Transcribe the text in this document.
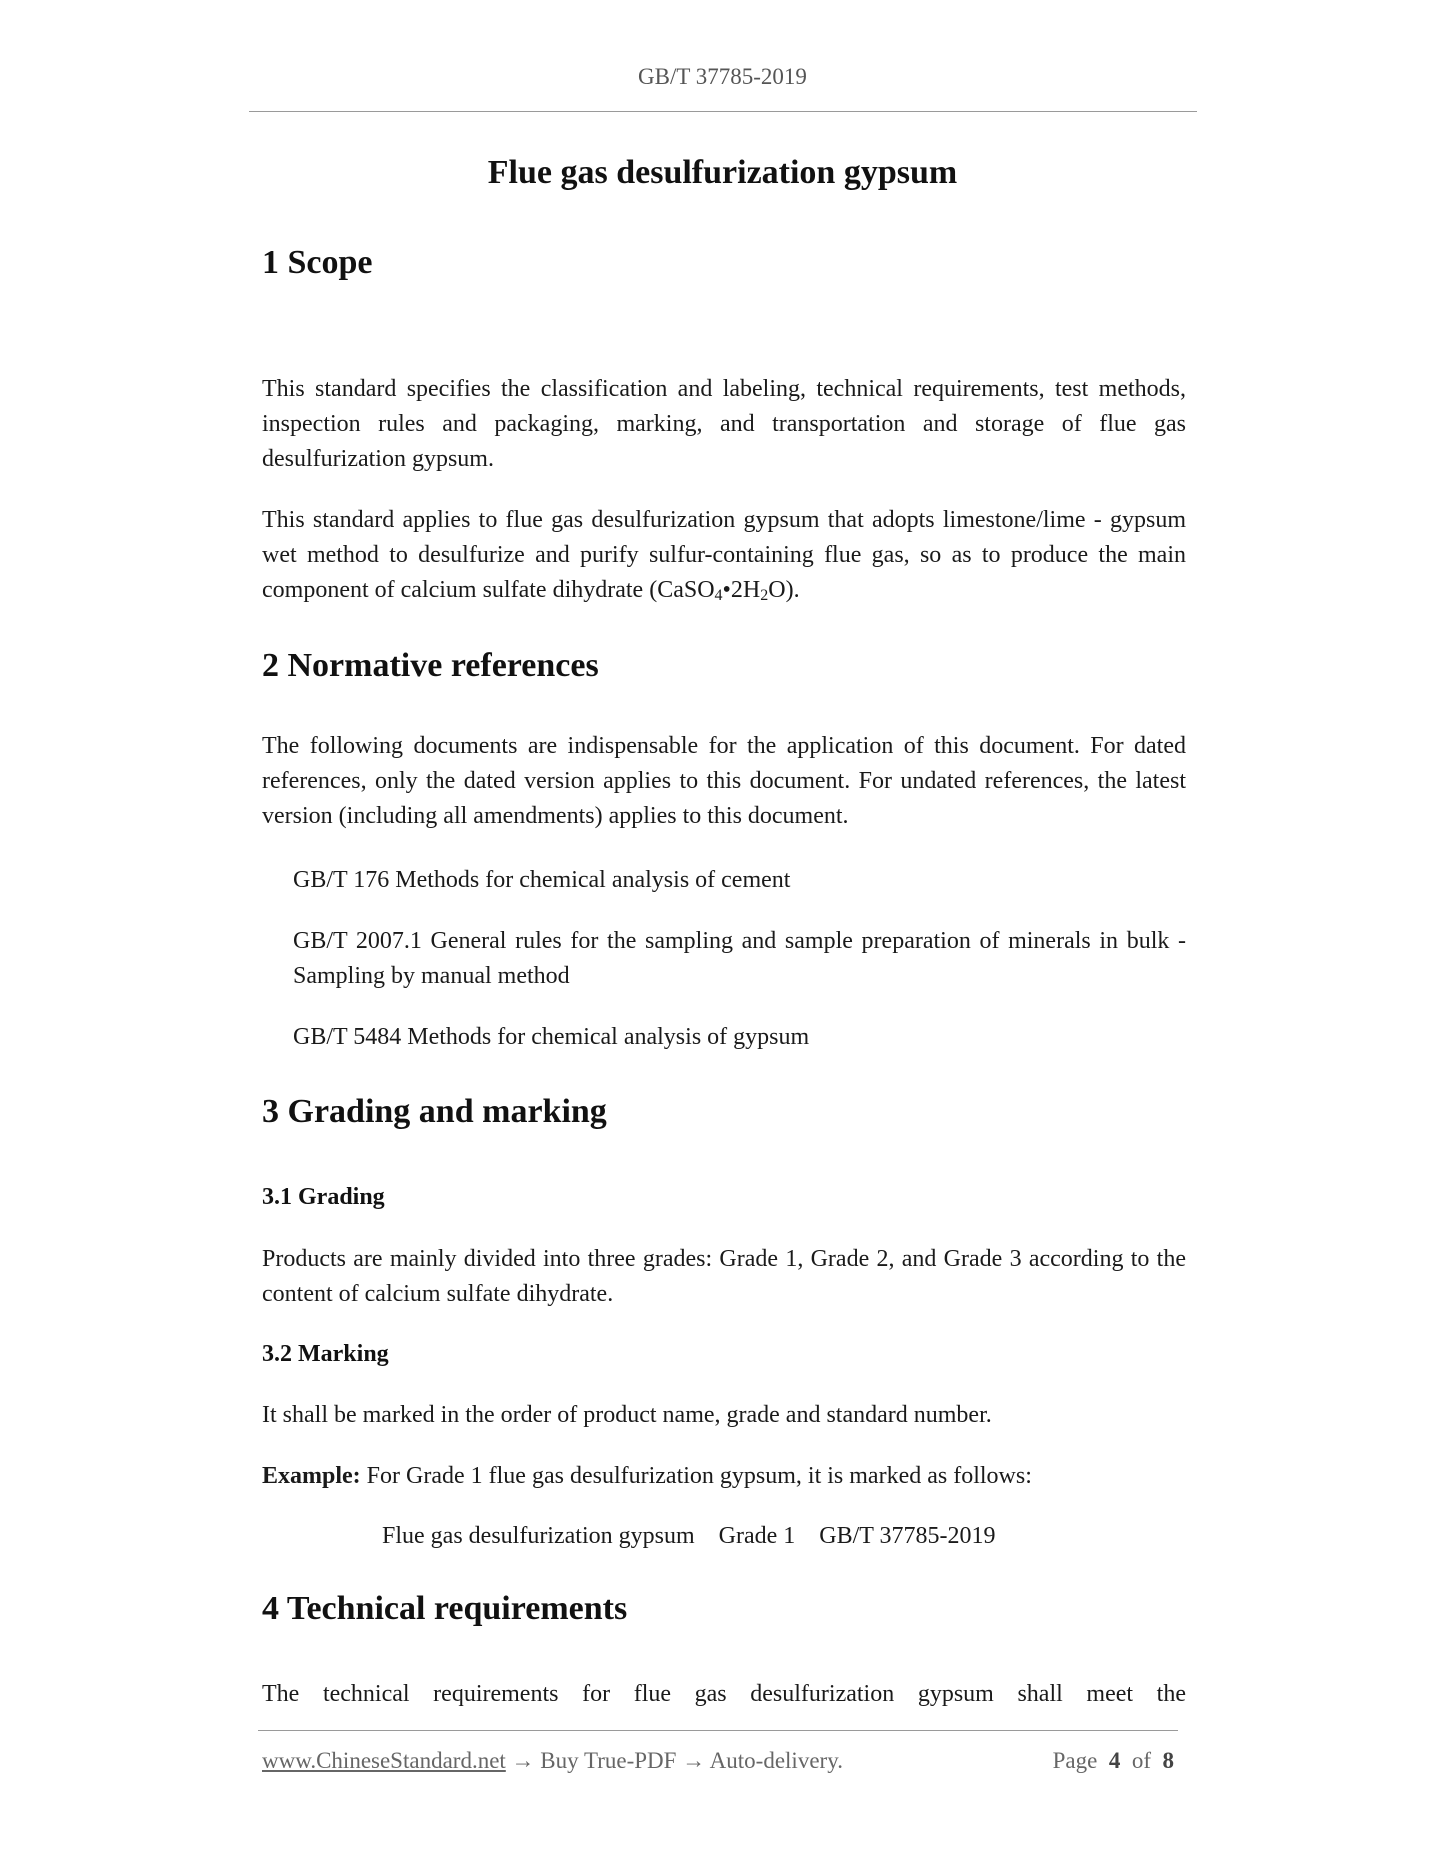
GB/T 37785-2019
Flue gas desulfurization gypsum
1 Scope

This standard specifies the classification and labeling, technical requirements, test methods, inspection rules and packaging, marking, and transportation and storage of flue gas desulfurization gypsum.

This standard applies to flue gas desulfurization gypsum that adopts limestone/lime - gypsum wet method to desulfurize and purify sulfur-containing flue gas, so as to produce the main component of calcium sulfate dihydrate $(CaSO_4•2H_2O)$.

2 Normative references

The following documents are indispensable for the application of this document. For dated references, only the dated version applies to this document. For undated references, the latest version (including all amendments) applies to this document.

GB/T 176 Methods for chemical analysis of cement

GB/T 2007.1 General rules for the sampling and sample preparation of minerals in bulk - Sampling by manual method

GB/T 5484 Methods for chemical analysis of gypsum

3 Grading and marking
3.1 Grading

Products are mainly divided into three grades: Grade 1, Grade 2, and Grade 3 according to the content of calcium sulfate dihydrate.

3.2 Marking

It shall be marked in the order of product name, grade and standard number.

Example: For Grade 1 flue gas desulfurization gypsum, it is marked as follows:

Flue gas desulfurization gypsum    Grade 1    GB/T 37785-2019

4 Technical requirements

The technical requirements for flue gas desulfurization gypsum shall meet the

www.ChineseStandard.net → Buy True-PDF → Auto-delivery.	Page 4 of 8
